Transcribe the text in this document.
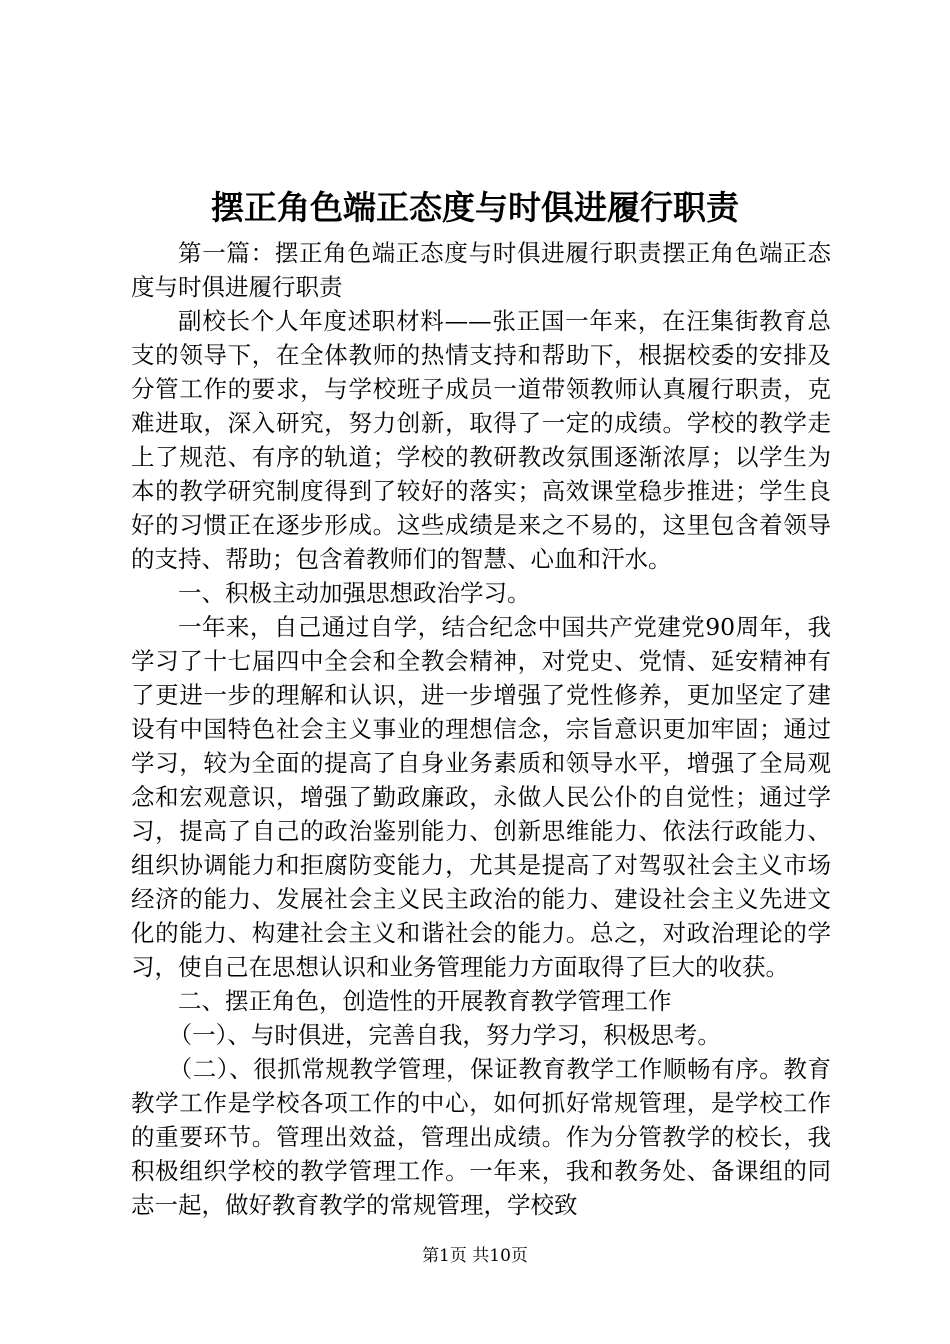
摆正角色端正态度与时俱进履行职责

第一篇：摆正角色端正态度与时俱进履行职责摆正角色端正态度与时俱进履行职责

副校长个人年度述职材料——张正国一年来，在汪集街教育总支的领导下，在全体教师的热情支持和帮助下，根据校委的安排及分管工作的要求，与学校班子成员一道带领教师认真履行职责，克难进取，深入研究，努力创新，取得了一定的成绩。学校的教学走上了规范、有序的轨道；学校的教研教改氛围逐渐浓厚；以学生为本的教学研究制度得到了较好的落实；高效课堂稳步推进；学生良好的习惯正在逐步形成。这些成绩是来之不易的，这里包含着领导的支持、帮助；包含着教师们的智慧、心血和汗水。

一、积极主动加强思想政治学习。

一年来，自己通过自学，结合纪念中国共产党建党90周年，我学习了十七届四中全会和全教会精神，对党史、党情、延安精神有了更进一步的理解和认识，进一步增强了党性修养，更加坚定了建设有中国特色社会主义事业的理想信念，宗旨意识更加牢固；通过学习，较为全面的提高了自身业务素质和领导水平，增强了全局观念和宏观意识，增强了勤政廉政，永做人民公仆的自觉性；通过学习，提高了自己的政治鉴别能力、创新思维能力、依法行政能力、组织协调能力和拒腐防变能力，尤其是提高了对驾驭社会主义市场经济的能力、发展社会主义民主政治的能力、建设社会主义先进文化的能力、构建社会主义和谐社会的能力。总之，对政治理论的学习，使自己在思想认识和业务管理能力方面取得了巨大的收获。

二、摆正角色，创造性的开展教育教学管理工作

（一）、与时俱进，完善自我，努力学习，积极思考。

（二）、很抓常规教学管理，保证教育教学工作顺畅有序。教育教学工作是学校各项工作的中心，如何抓好常规管理，是学校工作的重要环节。管理出效益，管理出成绩。作为分管教学的校长，我积极组织学校的教学管理工作。一年来，我和教务处、备课组的同志一起，做好教育教学的常规管理，学校致

第1页 共10页
